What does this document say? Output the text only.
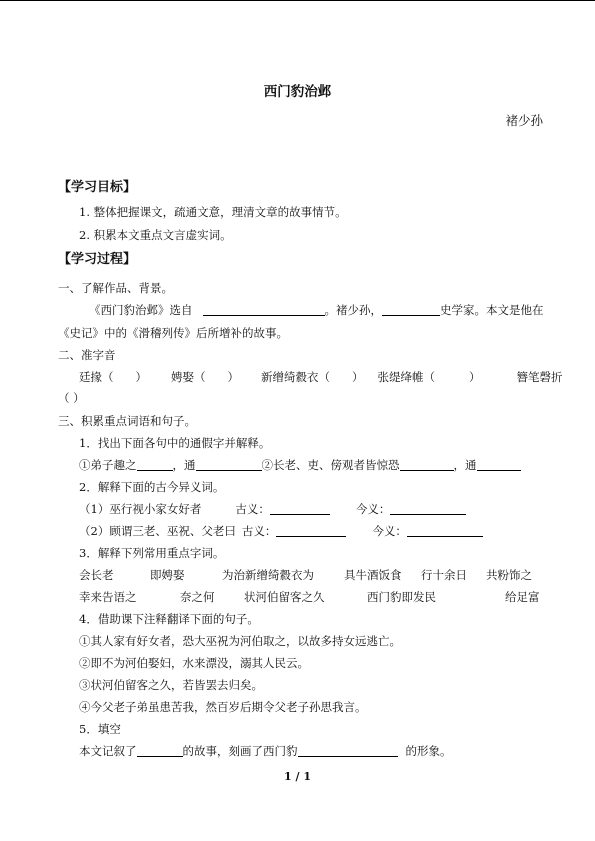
西门豹治邺
褚少孙
【学习目标】
1. 整体把握课文，疏通文意，理清文章的故事情节。
2. 积累本文重点文言虚实词。
【学习过程】
一、了解作品、背景。
《西门豹治邺》选自	。褚少孙，	史学家。本文是他在
《史记》中的《滑稽列传》后所增补的故事。
二、准字音
廷掾（ ） 娉娶（ ） 新缯绮縠衣（ ） 张缇绛帷（	）	簪笔磬折
（ ）
三、积累重点词语和句子。
1．找出下面各句中的通假字并解释。
①弟子趣之	，通	②长老、吏、傍观者皆惊恐	，通
2．解释下面的古今异义词。
（1）巫行视小家女好者	古义：	今义：
（2）顾谓三老、巫祝、父老曰 古义：	今义：
3．解释下列常用重点字词。
会长老	即娉娶	为治新缯绮縠衣为	具牛酒饭食 行十余日 共粉饰之
幸来告语之	奈之何	状河伯留客之久	西门豹即发民	给足富
4．借助课下注释翻译下面的句子。
①其人家有好女者，恐大巫祝为河伯取之，以故多持女远逃亡。
②即不为河伯娶妇，水来漂没，溺其人民云。
③状河伯留客之久，若皆罢去归矣。
④今父老子弟虽患苦我，然百岁后期令父老子孙思我言。
5．填空
本文记叙了	的故事，刻画了西门豹	的形象。
1 / 1
